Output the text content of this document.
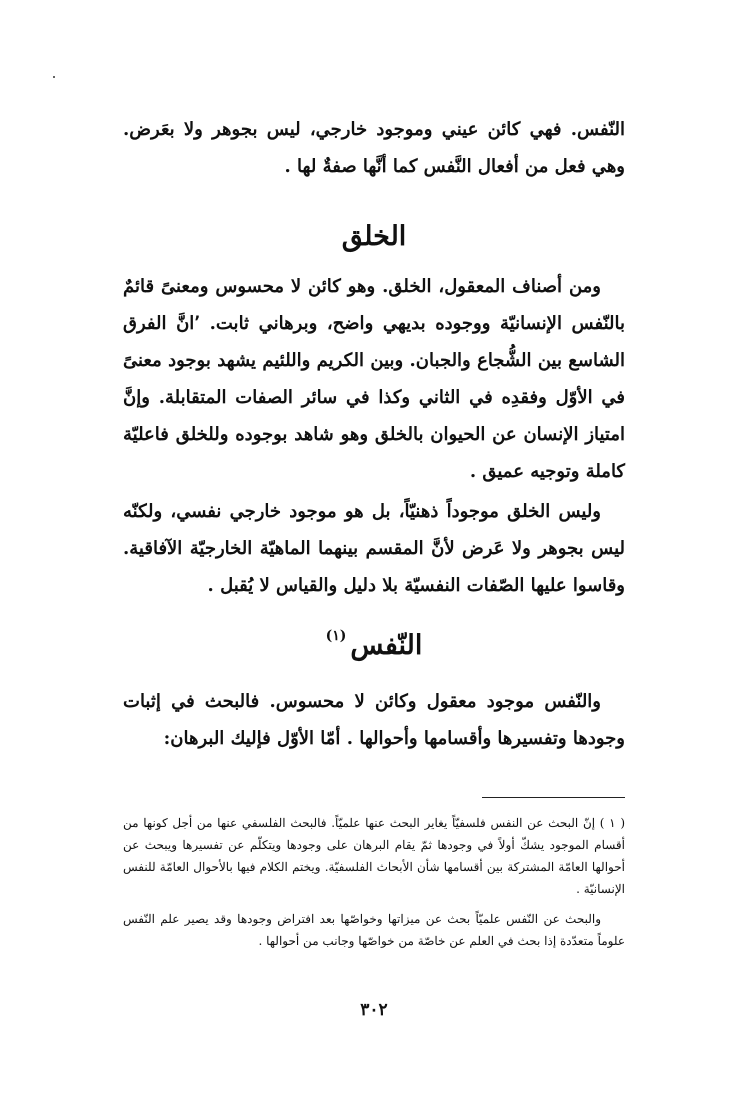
النّفس. فهي كائن عيني وموجود خارجي، ليس بجوهر ولا بعَرض. وهي فعل من أفعال النَّفس كما أنَّها صفةٌ لها .

الخلق

ومن أصناف المعقول، الخلق. وهو كائن لا محسوس ومعنىً قائمٌ بالنّفس الإنسانيّة ووجوده بديهي واضح، وبرهاني ثابت. ٬انَّ الفرق الشاسع بين الشُّجاع والجبان. وبين الكريم واللئيم يشهد بوجود معنىً في الأوّل وفقدِه في الثاني وكذا في سائر الصفات المتقابلة. وإنَّ امتياز الإنسان عن الحيوان بالخلق وهو شاهد بوجوده وللخلق فاعليّة كاملة وتوجيه عميق .

وليس الخلق موجوداً ذهنيّاً، بل هو موجود خارجي نفسي، ولكنّه ليس بجوهر ولا عَرض لأنَّ المقسم بينهما الماهيّة الخارجيّة الآفاقية. وقاسوا عليها الصّفات النفسيّة بلا دليل والقياس لا يُقبل .

النّفس$^{(١)}$

والنّفس موجود معقول وكائن لا محسوس. فالبحث في إثبات وجودها وتفسيرها وأقسامها وأحوالها . أمّا الأوّل فإليك البرهان:

( ١ ) إنّ البحث عن النفس فلسفيّاً يغاير البحث عنها علميّاً. فالبحث الفلسفي عنها من أجل كونها من أقسام الموجود يشكّ أولاً في وجودها ثمّ يقام البرهان على وجودها ويتكلّم عن تفسيرها ويبحث عن أحوالها العامّة المشتركة بين أقسامها شأن الأبحاث الفلسفيّة. ويختم الكلام فيها بالأحوال العامّة للنفس الإنسانيّة .

والبحث عن النّفس علميّاً بحث عن ميزاتها وخواصّها بعد افتراض وجودها وقد يصير علم النّفس علوماً متعدّدة إذا بحث في العلم عن خاصّة من خواصّها وجانب من أحوالها .

٣٠٢
